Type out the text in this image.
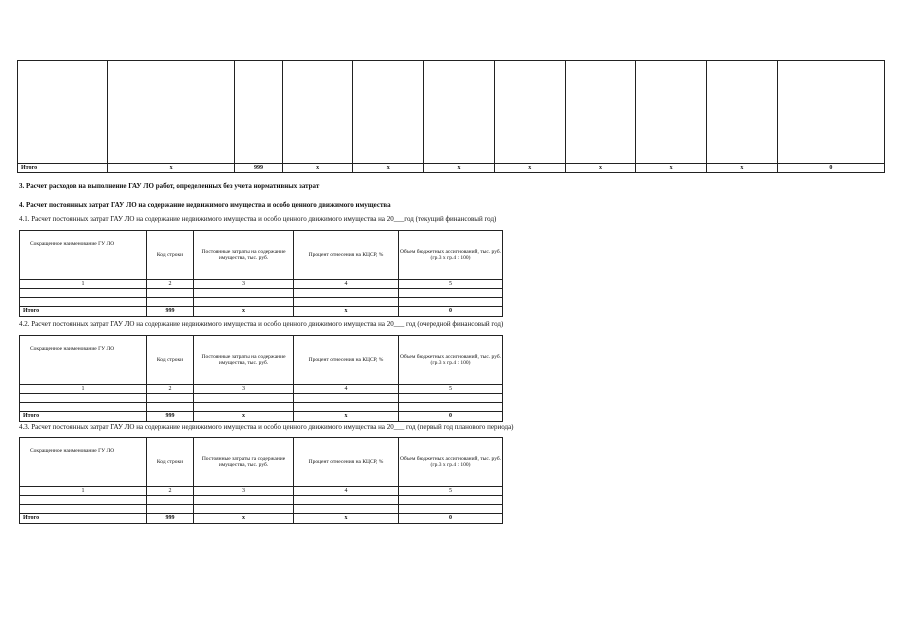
Итого	x	999	x	x	x	x	x	x	x	0
3. Расчет расходов на выполнение ГАУ ЛО работ, определенных без учета нормативных затрат
4. Расчет постоянных затрат ГАУ ЛО на содержание недвижимого имущества и особо ценного движимого имущества
4.1. Расчет постоянных затрат ГАУ ЛО на содержание недвижимого имущества и особо ценного движимого имущества на 20___год (текущий финансовый год)
Сокращенное наименование ГУ ЛО	Код строки	Постоянные затраты на содержание имущества, тыс. руб.	Процент отнесения на КЦСР, %	Объем бюджетных ассигнований, тыс. руб. (гр.3 x гр.4 : 100)
1	2	3	4	5

Итого	999	x	x	0
4.2. Расчет постоянных затрат ГАУ ЛО на содержание недвижимого имущества и особо ценного движимого имущества на 20___ год (очередной финансовый год)
Сокращенное наименование ГУ ЛО	Код строки	Постоянные затраты на содержание имущества, тыс. руб.	Процент отнесения на КЦСР, %	Объем бюджетных ассигнований, тыс. руб. (гр.3 x гр.4 : 100)
1	2	3	4	5

Итого	999	x	x	0
4.3. Расчет постоянных затрат ГАУ ЛО на содержание недвижимого имущества и особо ценного движимого имущества на 20___ год (первый год планового периода)
Сокращенное наименование ГУ ЛО	Код строки	Постоянные затраты га содержание имущества, тыс. руб.	Процент отнесения на КЦСР, %	Объем бюджетных ассигнований, тыс. руб. (гр.3 x гр.4 : 100)
1	2	3	4	5

Итого	999	x	x	0
